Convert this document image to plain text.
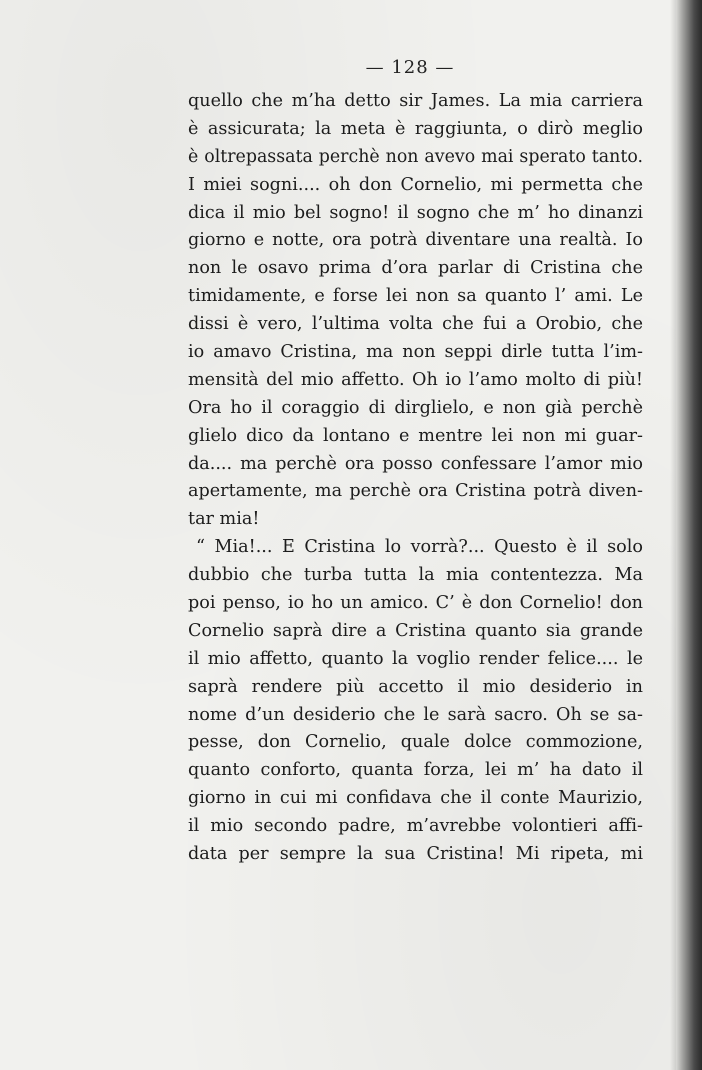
— 128 —
quello che m’ha detto sir James. La mia carriera
è assicurata; la meta è raggiunta, o dirò meglio
è oltrepassata perchè non avevo mai sperato tanto.
I miei sogni.... oh don Cornelio, mi permetta che
dica il mio bel sogno! il sogno che m’ ho dinanzi
giorno e notte, ora potrà diventare una realtà. Io
non le osavo prima d’ora parlar di Cristina che
timidamente, e forse lei non sa quanto l’ ami. Le
dissi è vero, l’ultima volta che fui a Orobio, che
io amavo Cristina, ma non seppi dirle tutta l’im-
mensità del mio affetto. Oh io l’amo molto di più!
Ora ho il coraggio di dirglielo, e non già perchè
glielo dico da lontano e mentre lei non mi guar-
da.... ma perchè ora posso confessare l’amor mio
apertamente, ma perchè ora Cristina potrà diven-
tar mia!
“ Mia!... E Cristina lo vorrà?... Questo è il solo
dubbio che turba tutta la mia contentezza. Ma
poi penso, io ho un amico. C’ è don Cornelio! don
Cornelio saprà dire a Cristina quanto sia grande
il mio affetto, quanto la voglio render felice.... le
saprà rendere più accetto il mio desiderio in
nome d’un desiderio che le sarà sacro. Oh se sa-
pesse, don Cornelio, quale dolce commozione,
quanto conforto, quanta forza, lei m’ ha dato il
giorno in cui mi confidava che il conte Maurizio,
il mio secondo padre, m’avrebbe volontieri affi-
data per sempre la sua Cristina! Mi ripeta, mi
